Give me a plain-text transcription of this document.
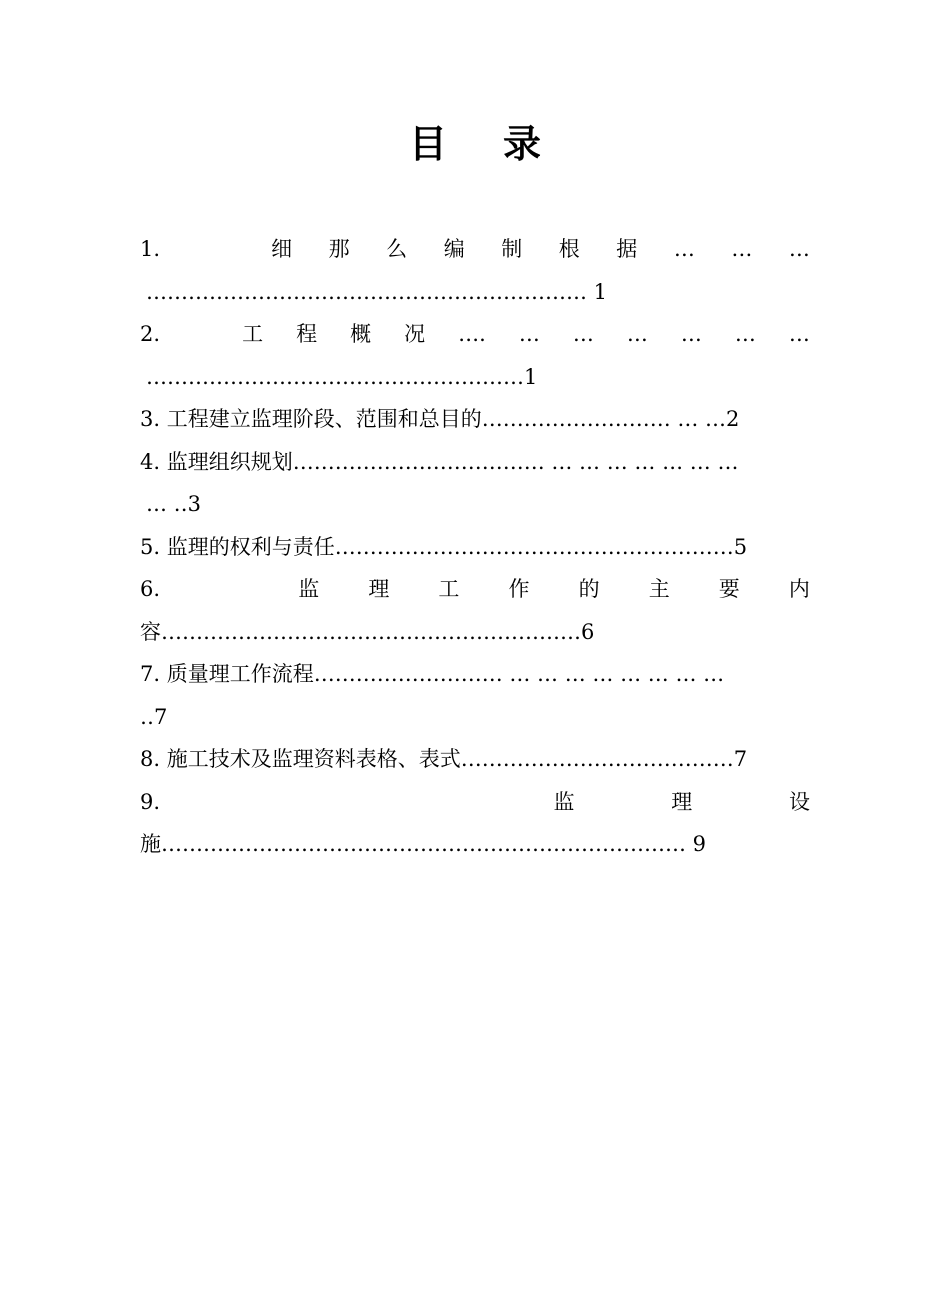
目 录
1.	细 那 么 编 制 根 据 … … …
……………………………………………………… 1
2.	工 程 概 况 …. … … … … … …
………………………………………………1
3. 工程建立监理阶段、范围和总目的……………………… … …2
4. 监理组织规划……………………………… … … … … … … …
… ‥3
5. 监理的权利与责任…………………………………………………5
6.	监 理 工 作 的 主 要 内
容……………………………………………………6
7. 质量理工作流程……………………… … … … … … … … …
‥7
8. 施工技术及监理资料表格、表式…………………………………7
9.	监	理	设
施………………………………………………………………… 9
